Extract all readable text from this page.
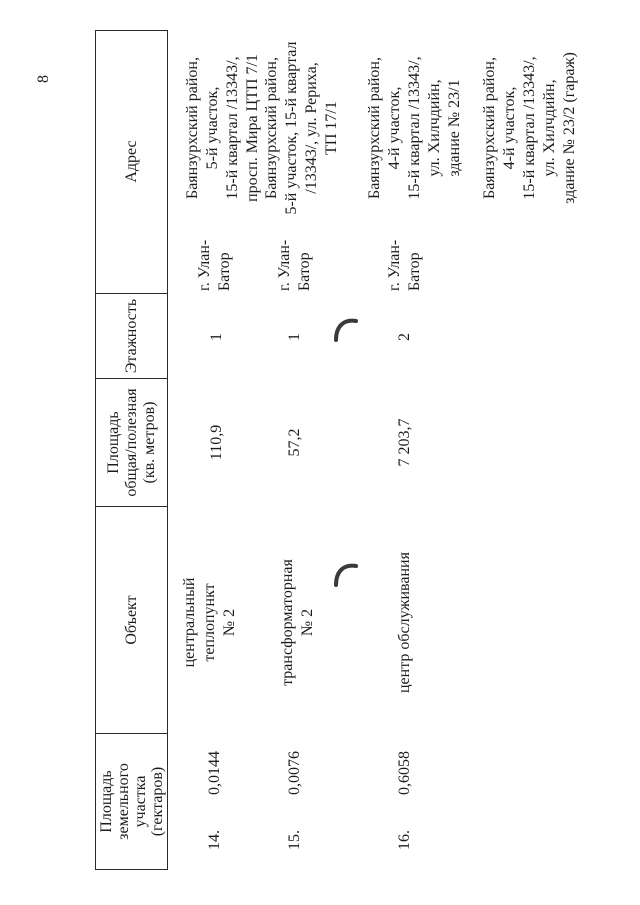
8
Площадь земельного участка (гектаров)
Объект
Площадь общая/полезная (кв. метров)
Этажность
Адрес
14.
0,0144
центральный теплопункт № 2
110,9
1
г. Улан- Батор
Баянзурхский район, 5-й участок, 15-й квартал /13343/, просп. Мира ЦТП 7/1
15.
0,0076
трансформаторная № 2
57,2
1
г. Улан- Батор
Баянзурхский район, 5-й участок, 15-й квартал /13343/, ул. Рериха, ТП 17/1
16.
0,6058
центр обслуживания
7 203,7
2
г. Улан- Батор
Баянзурхский район, 4-й участок, 15-й квартал /13343/, ул. Хилчдийн, здание № 23/1 Баянзурхский район, 4-й участок, 15-й квартал /13343/, ул. Хилчдийн, здание № 23/2 (гараж)
